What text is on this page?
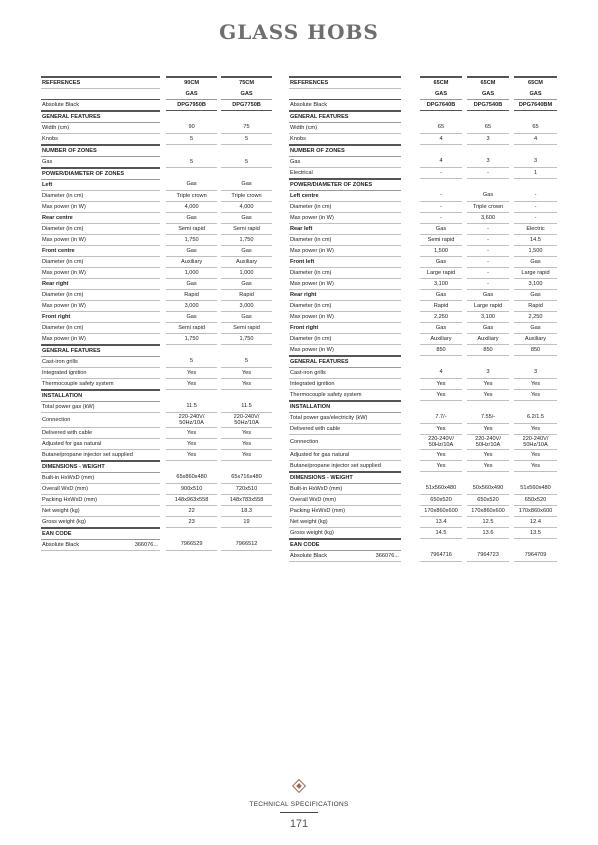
GLASS HOBS
REFERENCES		90CM		75CM
		GAS		GAS
Absolute Black		DPG7950B		DPG7750B
GENERAL FEATURES				
Width (cm)		90		75
Knobs		5		5
NUMBER OF ZONES				
Gas		5		5
POWER/DIAMETER OF ZONES				
Left		Gas		Gas
Diameter (in cm)		Triple crown		Triple crown
Max power (in W)		4,000		4,000
Rear centre		Gas		Gas
Diameter (in cm)		Semi rapid		Semi rapid
Max power (in W)		1,750		1,750
Front centre		Gas		Gas
Diameter (in cm)		Auxiliary		Auxiliary
Max power (in W)		1,000		1,000
Rear right		Gas		Gas
Diameter (in cm)		Rapid		Rapid
Max power (in W)		3,000		3,000
Front right		Gas		Gas
Diameter (in cm)		Semi rapid		Semi rapid
Max power (in W)		1,750		1,750
GENERAL FEATURES				
Cast-iron grills		5		5
Integrated ignition		Yes		Yes
Thermocouple safety system		Yes		Yes
INSTALLATION				
Total power gas (kW)		11.5		11.5
Connection		220-240V/ 50Hz/10A		220-240V/ 50Hz/10A
Delivered with cable		Yes		Yes
Adjusted for gas natural		Yes		Yes
Butane/propane injector set supplied		Yes		Yes
DIMENSIONS - WEIGHT				
Built-in HxWxD (mm)		65x860x480		65x716x480
Overall WxD (mm)		900x510		720x510
Packing HxWxD (mm)		148x963x558		148x783x558
Net weight (kg)		22		18.3
Gross weight (kg)		23		19
EAN CODE				
Absolute Black 366076...		7966529		7966512
REFERENCES		65CM		65CM		65CM
		GAS		GAS		GAS
Absolute Black		DPG7640B		DPG7540B		DPG7640BM
GENERAL FEATURES						
Width (cm)		65		65		65
Knobs		4		3		4
NUMBER OF ZONES						
Gas		4		3		3
Electrical		-		-		1
POWER/DIAMETER OF ZONES						
Left centre		-		Gas		-
Diameter (in cm)		-		Triple crown		-
Max power (in W)		-		3,600		-
Rear left		Gas		-		Electric
Diameter (in cm)		Semi rapid		-		14.5
Max power (in W)		1,500		-		1,500
Front left		Gas		-		Gas
Diameter (in cm)		Large rapid		-		Large rapid
Max power (in W)		3,100		-		3,100
Rear right		Gas		Gas		Gas
Diameter (in cm)		Rapid		Large rapid		Rapid
Max power (in W)		2,250		3,100		2,250
Front right		Gas		Gas		Gas
Diameter (in cm)		Auxiliary		Auxiliary		Auxiliary
Max power (in W)		850		850		850
GENERAL FEATURES						
Cast-iron grills		4		3		3
Integrated ignition		Yes		Yes		Yes
Thermocouple safety system		Yes		Yes		Yes
INSTALLATION						
Total power gas/electricity (kW)		7.7/-		7.55/-		6.2/1.5
Delivered with cable		Yes		Yes		Yes
Connection		220-240V/ 50Hz/10A		220-240V/ 50Hz/10A		220-240V/ 50Hz/10A
Adjusted for gas natural		Yes		Yes		Yes
Butane/propane injector set supplied		Yes		Yes		Yes
DIMENSIONS - WEIGHT						
Built-in HxWxD (mm)		51x560x480		50x560x490		51x560x480
Overall WxD (mm)		650x520		650x520		650x520
Packing HxWxD (mm)		170x860x600		170x860x600		170x860x600
Net weight (kg)		13.4		12.5		12.4
Gross weight (kg)		14.5		13.6		13.5
EAN CODE						
Absolute Black 366076...		7964716		7964723		7964709
TECHNICAL SPECIFICATIONS
171
